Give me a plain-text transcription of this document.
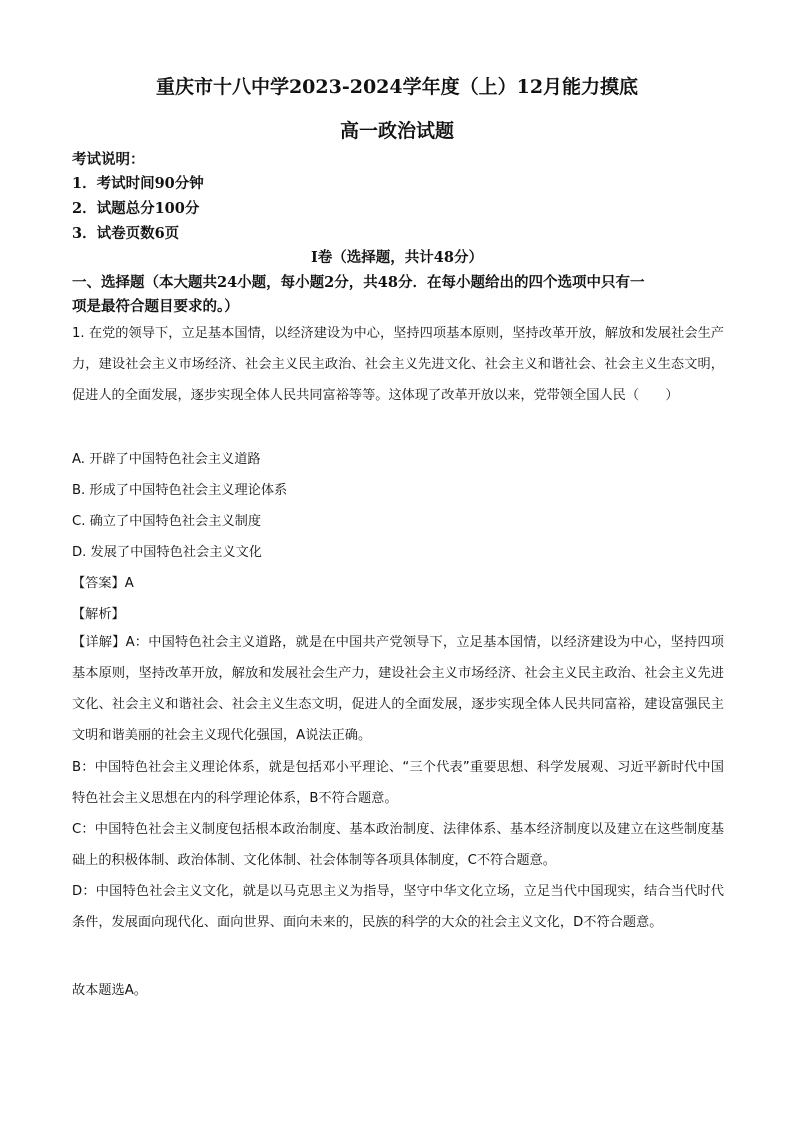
重庆市十八中学2023-2024学年度（上）12月能力摸底
高一政治试题
考试说明：
1．考试时间90分钟
2．试题总分100分
3．试卷页数6页
Ⅰ卷（选择题，共计48分）
一、选择题（本大题共24小题，每小题2分，共48分．在每小题给出的四个选项中只有一
项是最符合题目要求的。）
1. 在党的领导下，立足基本国情，以经济建设为中心，坚持四项基本原则，坚持改革开放，解放和发展社会生产力，建设社会主义市场经济、社会主义民主政治、社会主义先进文化、社会主义和谐社会、社会主义生态文明，促进人的全面发展，逐步实现全体人民共同富裕等等。这体现了改革开放以来，党带领全国人民（　　）
A. 开辟了中国特色社会主义道路
B. 形成了中国特色社会主义理论体系
C. 确立了中国特色社会主义制度
D. 发展了中国特色社会主义文化
【答案】A
【解析】
【详解】A：中国特色社会主义道路，就是在中国共产党领导下，立足基本国情，以经济建设为中心，坚持四项基本原则，坚持改革开放，解放和发展社会生产力，建设社会主义市场经济、社会主义民主政治、社会主义先进文化、社会主义和谐社会、社会主义生态文明，促进人的全面发展，逐步实现全体人民共同富裕，建设富强民主文明和谐美丽的社会主义现代化强国，A说法正确。
B：中国特色社会主义理论体系，就是包括邓小平理论、“三个代表”重要思想、科学发展观、习近平新时代中国特色社会主义思想在内的科学理论体系，B不符合题意。
C：中国特色社会主义制度包括根本政治制度、基本政治制度、法律体系、基本经济制度以及建立在这些制度基础上的积极体制、政治体制、文化体制、社会体制等各项具体制度，C不符合题意。
D：中国特色社会主义文化，就是以马克思主义为指导，坚守中华文化立场，立足当代中国现实，结合当代时代条件，发展面向现代化、面向世界、面向未来的，民族的科学的大众的社会主义文化，D不符合题意。
故本题选A。
